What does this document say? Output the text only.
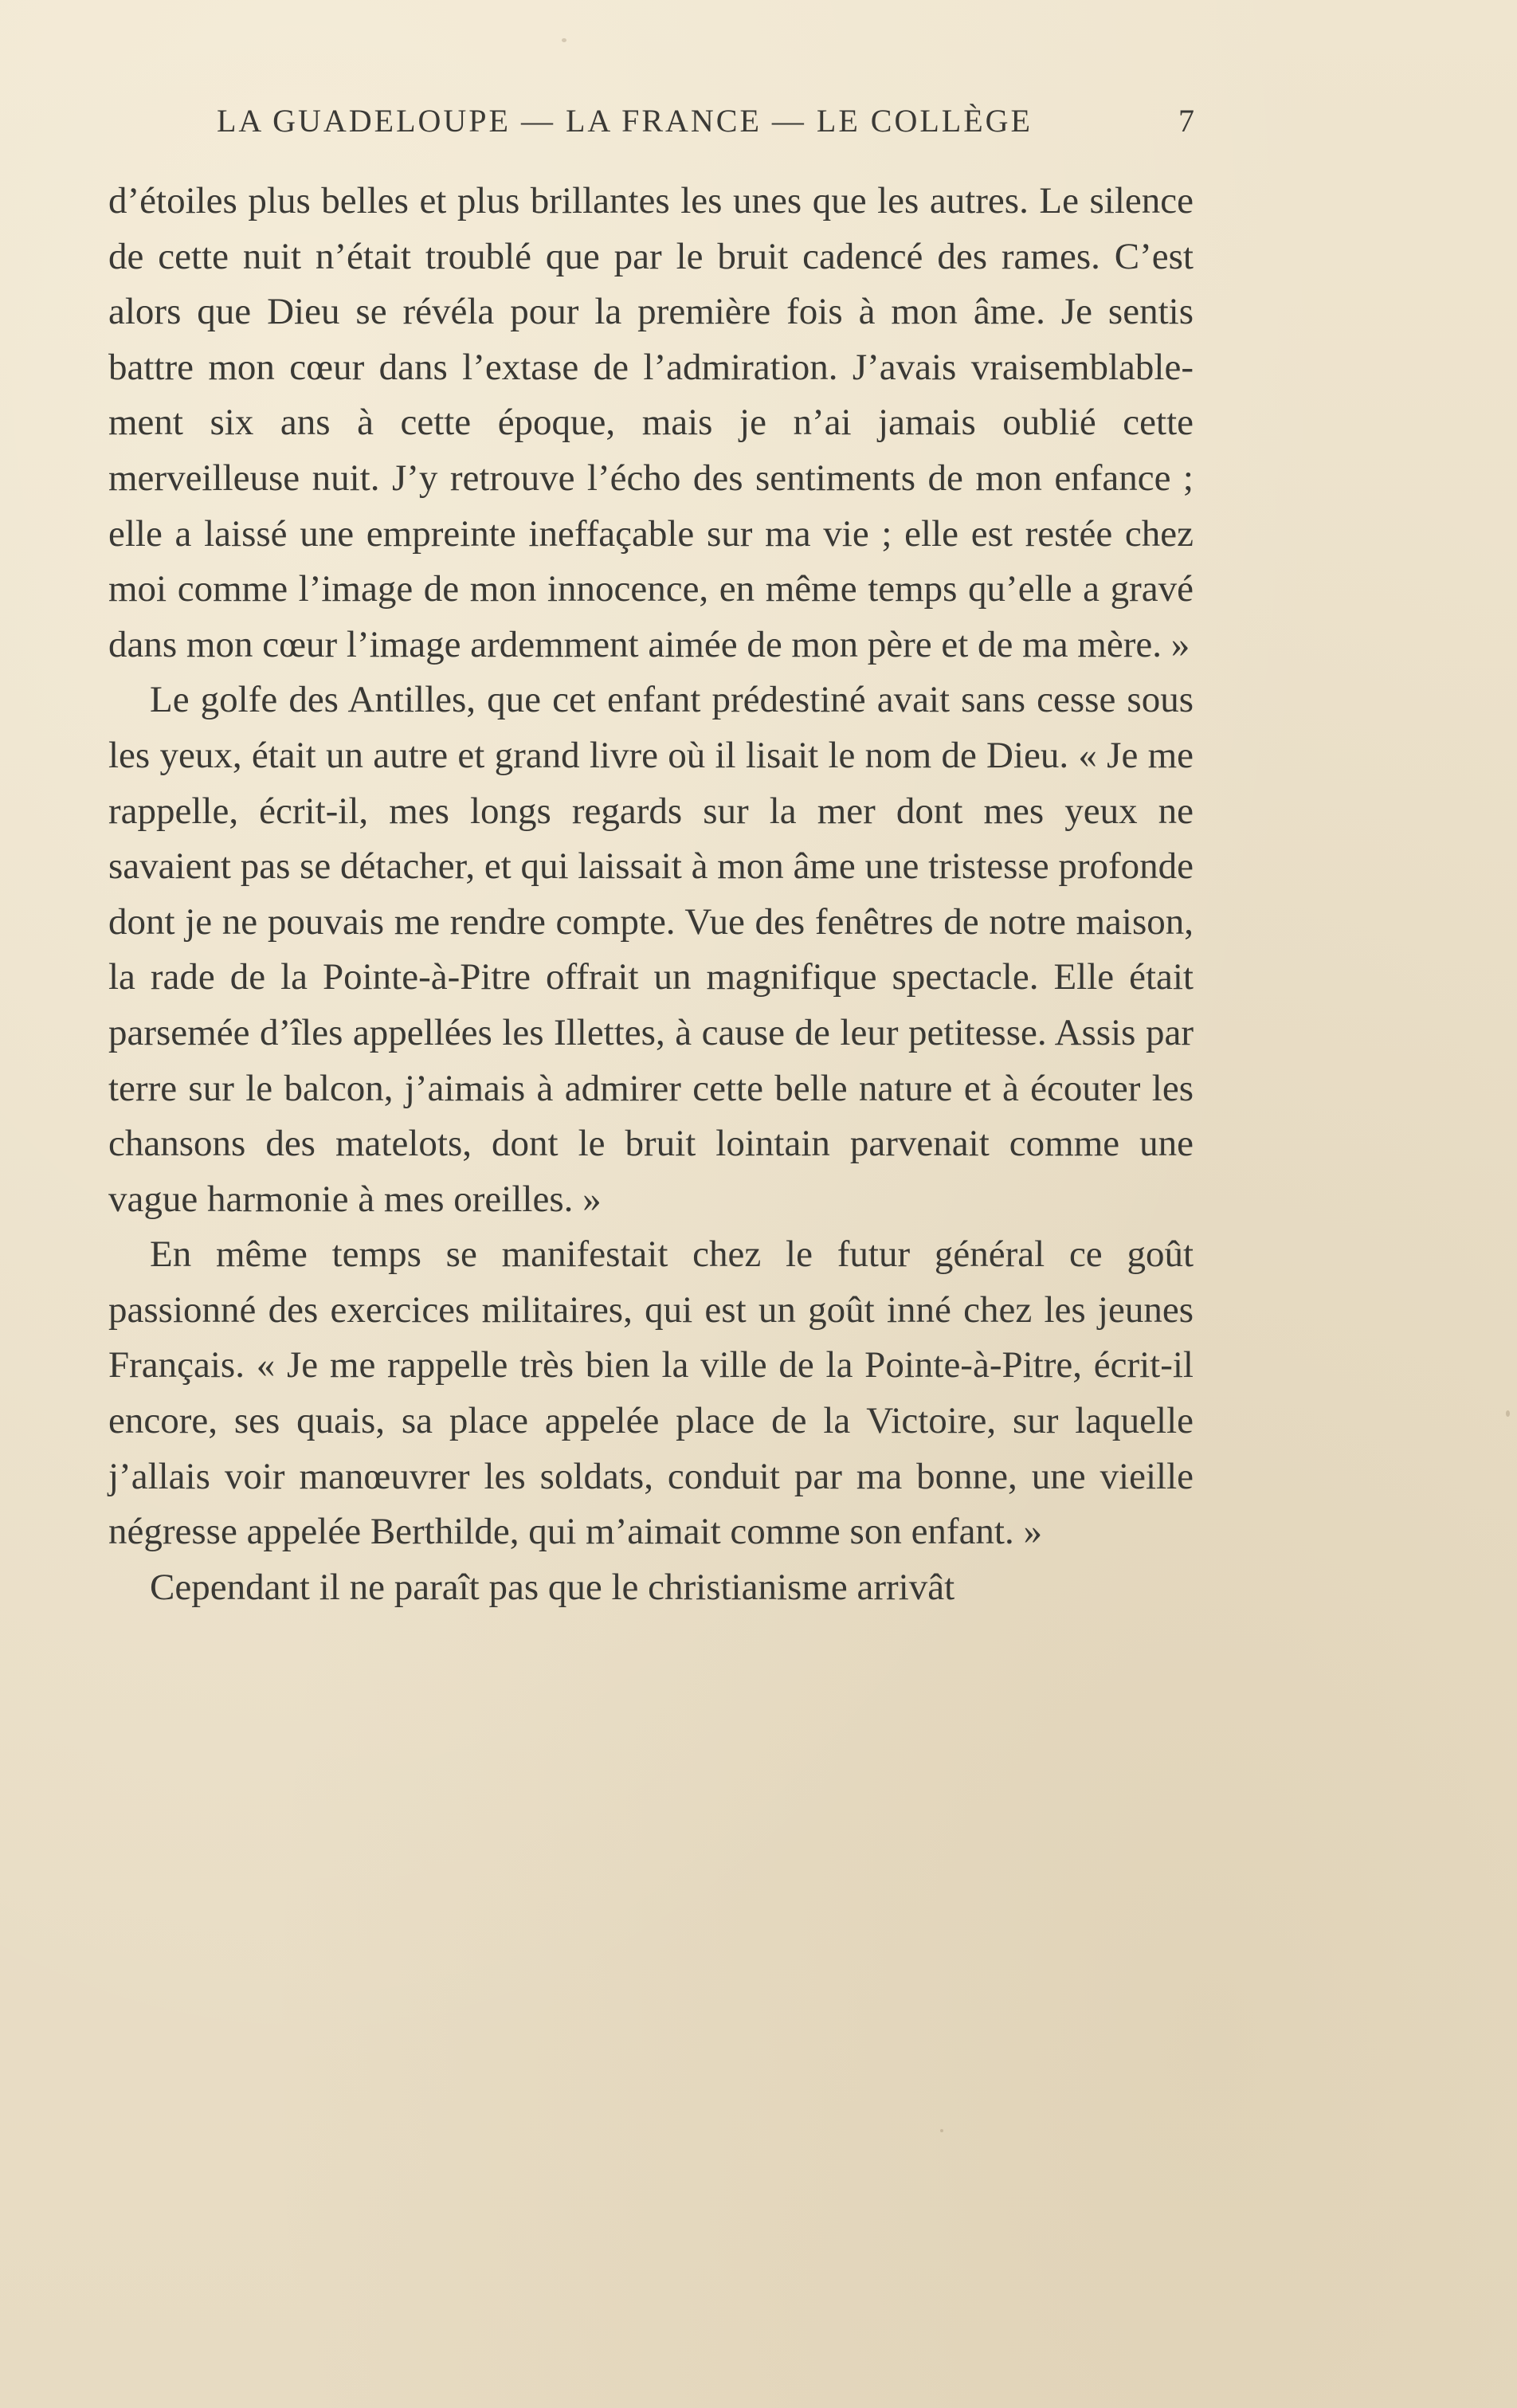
LA GUADELOUPE — LA FRANCE — LE COLLÈGE	7

d’étoiles plus belles et plus brillantes les unes que les autres. Le silence de cette nuit n’était troublé que par le bruit cadencé des rames. C’est alors que Dieu se révéla pour la première fois à mon âme. Je sentis battre mon cœur dans l’extase de l’admiration. J’avais vraisemblablement six ans à cette époque, mais je n’ai jamais oublié cette merveilleuse nuit. J’y retrouve l’écho des sentiments de mon enfance ; elle a laissé une empreinte ineffaçable sur ma vie ; elle est restée chez moi comme l’image de mon innocence, en même temps qu’elle a gravé dans mon cœur l’image ardemment aimée de mon père et de ma mère. »

Le golfe des Antilles, que cet enfant prédestiné avait sans cesse sous les yeux, était un autre et grand livre où il lisait le nom de Dieu. « Je me rappelle, écrit-il, mes longs regards sur la mer dont mes yeux ne savaient pas se détacher, et qui laissait à mon âme une tristesse profonde dont je ne pouvais me rendre compte. Vue des fenêtres de notre maison, la rade de la Pointe-à-Pitre offrait un magnifique spectacle. Elle était parsemée d’îles appellées les Illettes, à cause de leur petitesse. Assis par terre sur le balcon, j’aimais à admirer cette belle nature et à écouter les chansons des matelots, dont le bruit lointain parvenait comme une vague harmonie à mes oreilles. »

En même temps se manifestait chez le futur général ce goût passionné des exercices militaires, qui est un goût inné chez les jeunes Français. « Je me rappelle très bien la ville de la Pointe-à-Pitre, écrit-il encore, ses quais, sa place appelée place de la Victoire, sur laquelle j’allais voir manœuvrer les soldats, conduit par ma bonne, une vieille négresse appelée Berthilde, qui m’aimait comme son enfant. »

Cependant il ne paraît pas que le christianisme arrivât
